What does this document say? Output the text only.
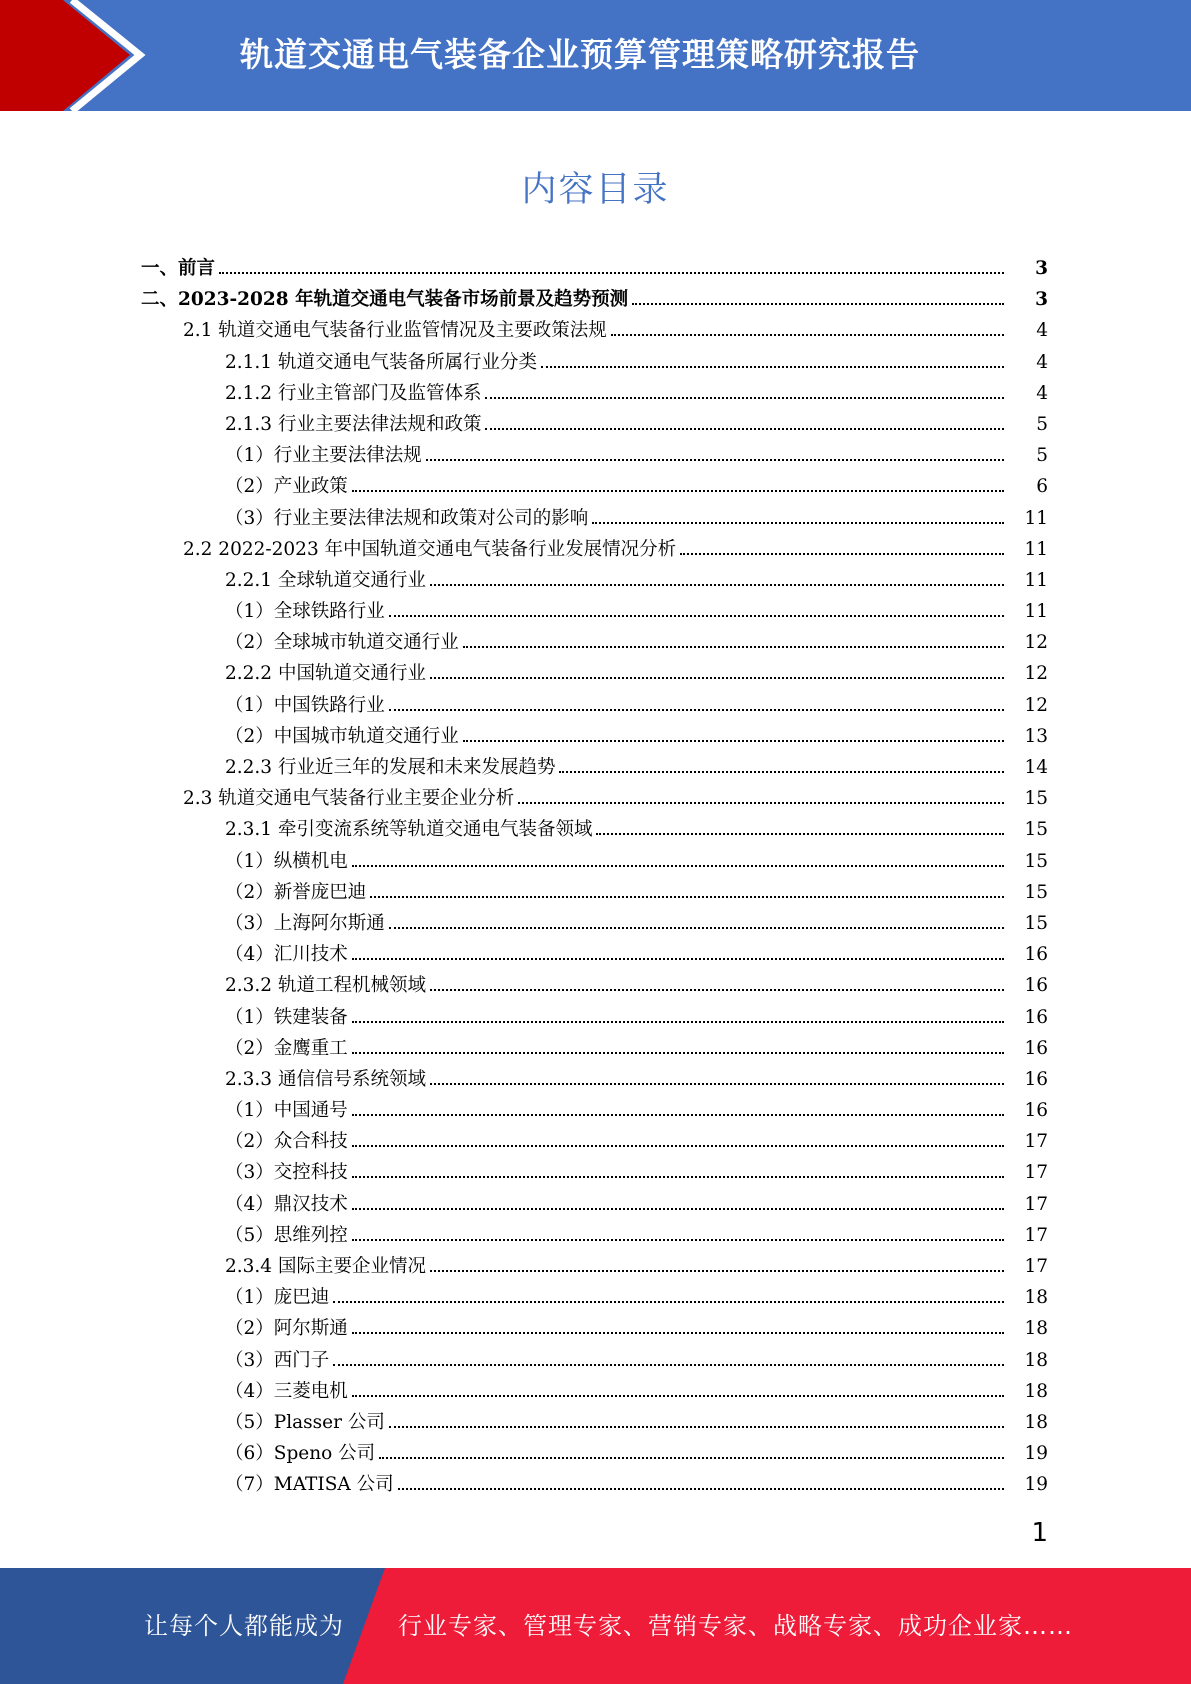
轨道交通电气装备企业预算管理策略研究报告
内容目录
一、前言	3
二、2023-2028 年轨道交通电气装备市场前景及趋势预测	3
2.1 轨道交通电气装备行业监管情况及主要政策法规	4
2.1.1 轨道交通电气装备所属行业分类	4
2.1.2 行业主管部门及监管体系	4
2.1.3 行业主要法律法规和政策	5
（1）行业主要法律法规	5
（2）产业政策	6
（3）行业主要法律法规和政策对公司的影响	11
2.2 2022-2023 年中国轨道交通电气装备行业发展情况分析	11
2.2.1 全球轨道交通行业	11
（1）全球铁路行业	11
（2）全球城市轨道交通行业	12
2.2.2 中国轨道交通行业	12
（1）中国铁路行业	12
（2）中国城市轨道交通行业	13
2.2.3 行业近三年的发展和未来发展趋势	14
2.3 轨道交通电气装备行业主要企业分析	15
2.3.1 牵引变流系统等轨道交通电气装备领域	15
（1）纵横机电	15
（2）新誉庞巴迪	15
（3）上海阿尔斯通	15
（4）汇川技术	16
2.3.2 轨道工程机械领域	16
（1）铁建装备	16
（2）金鹰重工	16
2.3.3 通信信号系统领域	16
（1）中国通号	16
（2）众合科技	17
（3）交控科技	17
（4）鼎汉技术	17
（5）思维列控	17
2.3.4 国际主要企业情况	17
（1）庞巴迪	18
（2）阿尔斯通	18
（3）西门子	18
（4）三菱电机	18
（5）Plasser 公司	18
（6）Speno 公司	19
（7）MATISA 公司	19
1
让每个人都能成为 行业专家、管理专家、营销专家、战略专家、成功企业家……
